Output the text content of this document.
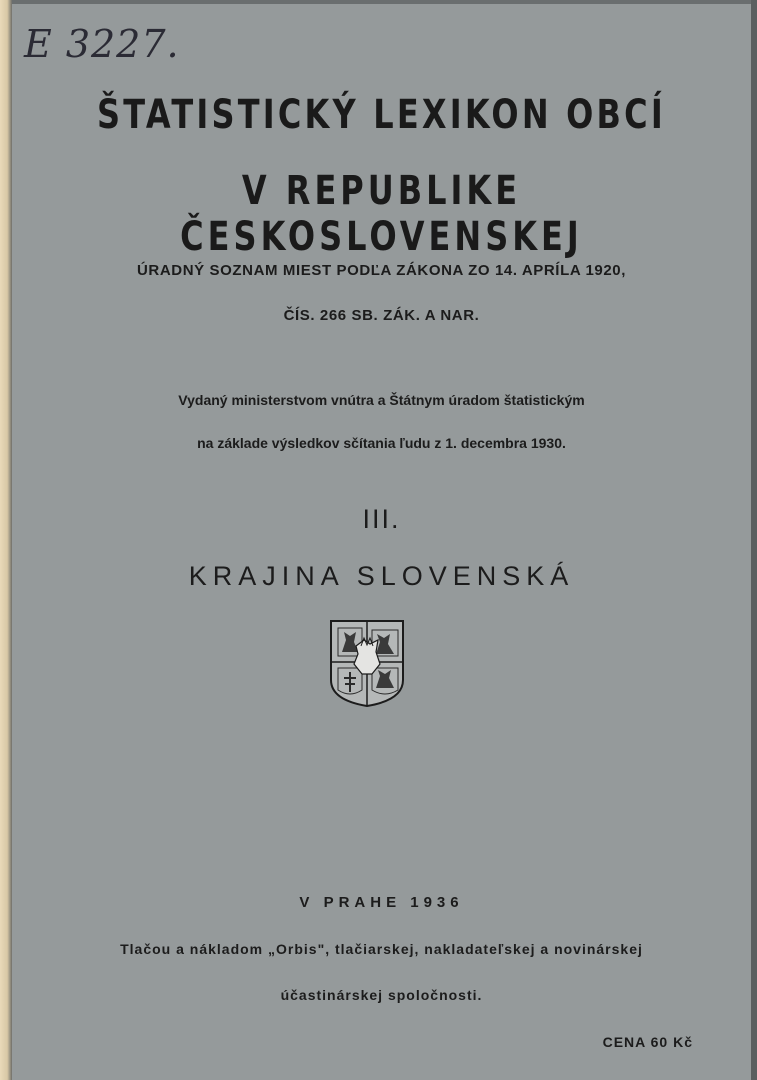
E 3227.
ŠTATISTICKÝ LEXIKON OBCÍ
V REPUBLIKE ČESKOSLOVENSKEJ
ÚRADNÝ SOZNAM MIEST PODĽA ZÁKONA ZO 14. APRÍLA 1920,
ČÍS. 266 SB. ZÁK. A NAR.
Vydaný ministerstvom vnútra a Štátnym úradom štatistickým
na základe výsledkov sčítania ľudu z 1. decembra 1930.
III.
KRAJINA SLOVENSKÁ
V PRAHE 1936
Tlačou a nákladom „Orbis", tlačiarskej, nakladateľskej a novinárskej
účastinárskej spoločnosti.
CENA 60 Kč
